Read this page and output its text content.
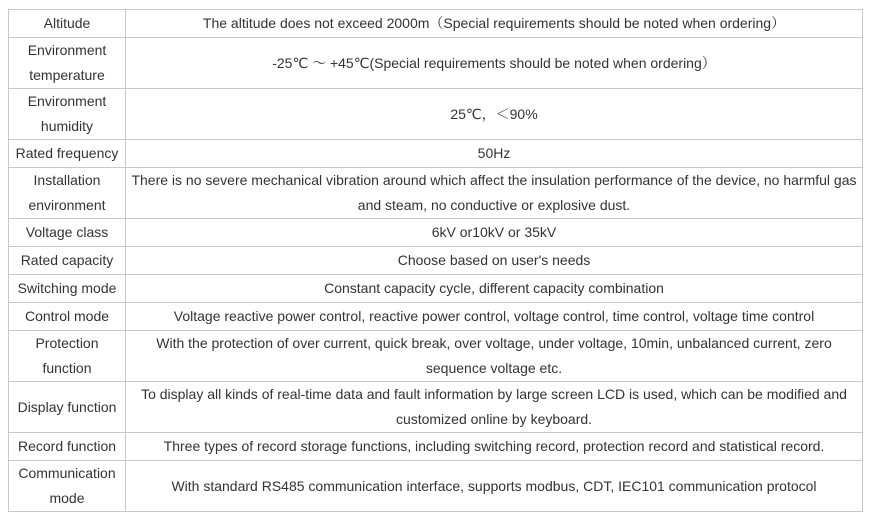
Altitude	The altitude does not exceed 2000m（Special requirements should be noted when ordering）
Environment temperature	-25℃ ～ +45℃(Special requirements should be noted when ordering）
Environment humidity	25℃，＜90%
Rated frequency	50Hz
Installation environment	There is no severe mechanical vibration around which affect the insulation performance of the device, no harmful gas and steam, no conductive or explosive dust.
Voltage class	6kV or10kV or 35kV
Rated capacity	Choose based on user's needs
Switching mode	Constant capacity cycle, different capacity combination
Control mode	Voltage reactive power control, reactive power control, voltage control, time control, voltage time control
Protection function	With the protection of over current, quick break, over voltage, under voltage, 10min, unbalanced current, zero sequence voltage etc.
Display function	To display all kinds of real-time data and fault information by large screen LCD is used, which can be modified and customized online by keyboard.
Record function	Three types of record storage functions, including switching record, protection record and statistical record.
Communication mode	With standard RS485 communication interface, supports modbus, CDT, IEC101 communication protocol
